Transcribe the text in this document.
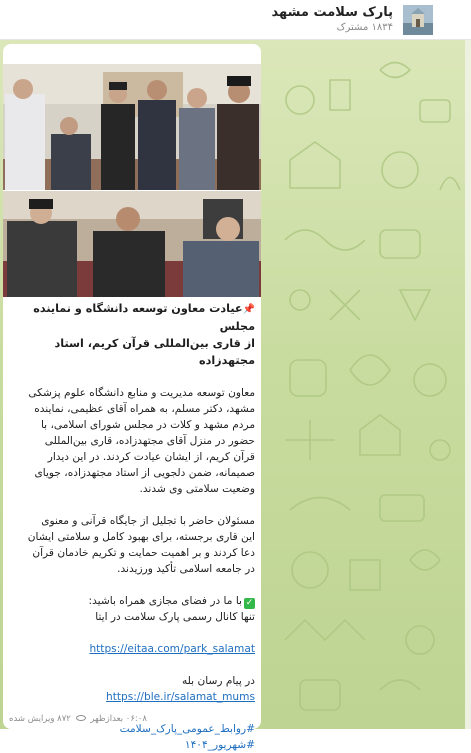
پارک سلامت مشهد
۱۸۳۴ مشترک
📌عیادت معاون توسعه دانشگاه و نماینده مجلس
از قاری بین‌المللی قرآن کریم، استاد مجتهدزاده
معاون توسعه مدیریت و منابع دانشگاه علوم پزشکی
مشهد، دکتر مسلم، به همراه آقای عظیمی، نماینده
مردم مشهد و کلات در مجلس شورای اسلامی، با
حضور در منزل آقای مجتهدزاده، قاری بین‌المللی
قرآن کریم، از ایشان عیادت کردند. در این دیدار
صمیمانه، ضمن دلجویی از استاد مجتهدزاده، جویای
وضعیت سلامتی وی شدند.
مسئولان حاضر با تجلیل از جایگاه قرآنی و معنوی
این قاری برجسته، برای بهبود کامل و سلامتی ایشان
دعا کردند و بر اهمیت حمایت و تکریم خادمان قرآن
در جامعه اسلامی تأکید ورزیدند.
✓با ما در فضای مجازی همراه باشید:
تنها کانال رسمی پارک سلامت در ایتا
https://eitaa.com/park_salamat
در پیام رسان بله
https://ble.ir/salamat_mums
#روابط_عمومی_پارک_سلامت
#شهریور_۱۴۰۴
۰۶:۰۸ بعدازظهر  ۸۷۲ ویرایش شده
